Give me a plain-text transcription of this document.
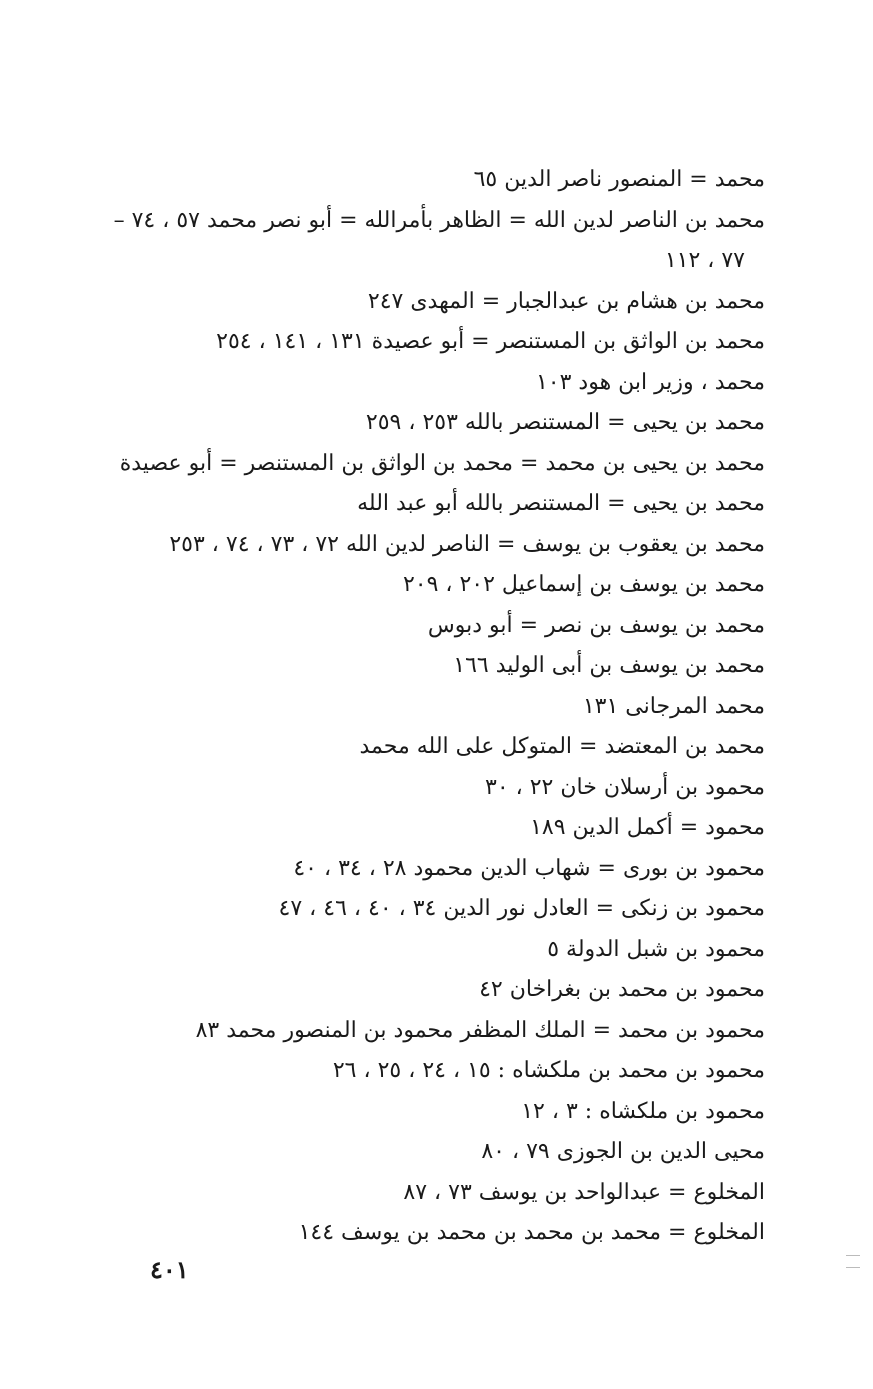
محمد = المنصور ناصر الدين ٦٥
محمد بن الناصر لدين الله = الظاهر بأمرالله = أبو نصر محمد ٥٧ ، ٧٤ –
٧٧ ، ١١٢
محمد بن هشام بن عبدالجبار = المهدى ٢٤٧
محمد بن الواثق بن المستنصر = أبو عصيدة ١٣١ ، ١٤١ ، ٢٥٤
محمد ، وزير ابن هود ١٠٣
محمد بن يحيى = المستنصر بالله ٢٥٣ ، ٢٥٩
محمد بن يحيى بن محمد = محمد بن الواثق بن المستنصر = أبو عصيدة
محمد بن يحيى = المستنصر بالله أبو عبد الله
محمد بن يعقوب بن يوسف = الناصر لدين الله ٧٢ ، ٧٣ ، ٧٤ ، ٢٥٣
محمد بن يوسف بن إسماعيل ٢٠٢ ، ٢٠٩
محمد بن يوسف بن نصر = أبو دبوس
محمد بن يوسف بن أبى الوليد ١٦٦
محمد المرجانى ١٣١
محمد بن المعتضد = المتوكل على الله محمد
محمود بن أرسلان خان ٢٢ ، ٣٠
محمود = أكمل الدين ١٨٩
محمود بن بورى = شهاب الدين محمود ٢٨ ، ٣٤ ، ٤٠
محمود بن زنكى = العادل نور الدين ٣٤ ، ٤٠ ، ٤٦ ، ٤٧
محمود بن شبل الدولة ٥
محمود بن محمد بن بغراخان ٤٢
محمود بن محمد = الملك المظفر محمود بن المنصور محمد ٨٣
محمود بن محمد بن ملكشاه : ١٥ ، ٢٤ ، ٢٥ ، ٢٦
محمود بن ملكشاه : ٣ ، ١٢
محيى الدين بن الجوزى ٧٩ ، ٨٠
المخلوع = عبدالواحد بن يوسف ٧٣ ، ٨٧
المخلوع = محمد بن محمد بن محمد بن يوسف ١٤٤
٤٠١
